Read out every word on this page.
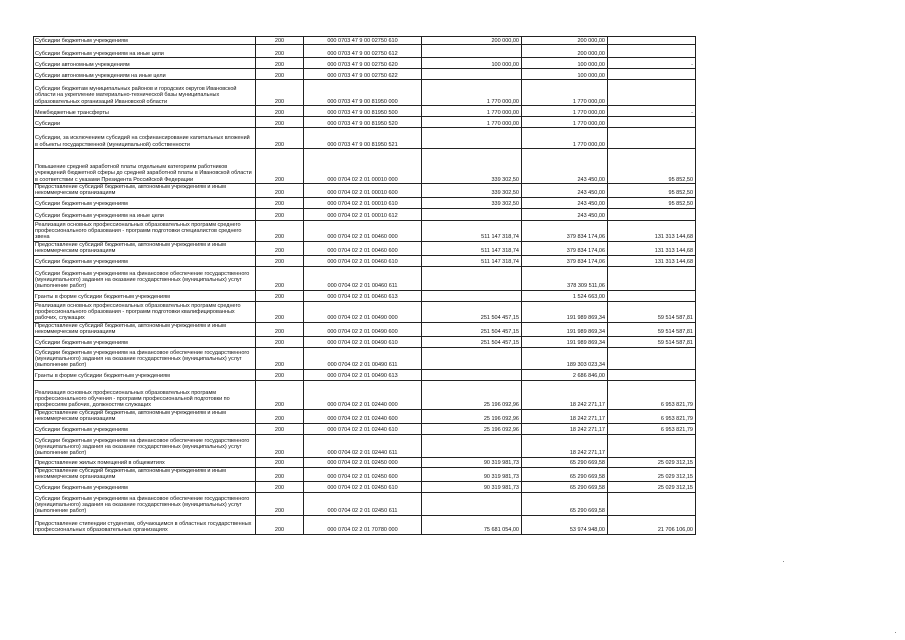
Субсидии бюджетным учреждениям	200	000 0703 47 9 00 02750 610	200 000,00	200 000,00	
Субсидии бюджетным учреждениям на иные цели	200	000 0703 47 9 00 02750 612		200 000,00	
Субсидии автономным учреждениям	200	000 0703 47 9 00 02750 620	100 000,00	100 000,00	-
Субсидии автономным учреждениям на иные цели	200	000 0703 47 9 00 02750 622		100 000,00	
Субсидии бюджетам муниципальных районов и городских округов Ивановской области на укрепление материально-технической базы муниципальных образовательных организаций Ивановской области	200	000 0703 47 9 00 81950 000	1 770 000,00	1 770 000,00	
Межбюджетные трансферты	200	000 0703 47 9 00 81950 500	1 770 000,00	1 770 000,00	-
Субсидии	200	000 0703 47 9 00 81950 520	1 770 000,00	1 770 000,00	
Субсидии, за исключением субсидий на софинансирование капитальных вложений в объекты государственной (муниципальной) собственности	200	000 0703 47 9 00 81950 521		1 770 000,00	
Повышение средней заработной платы отдельным категориям работников учреждений бюджетной сферы до средней заработной платы в Ивановской области в соответствии с указами Президента Российской Федерации	200	000 0704 02 2 01 00010 000	339 302,50	243 450,00	95 852,50
Предоставление субсидий бюджетным, автономным учреждениям и иным некоммерческим организациям	200	000 0704 02 2 01 00010 600	339 302,50	243 450,00	95 852,50
Субсидии бюджетным учреждениям	200	000 0704 02 2 01 00010 610	339 302,50	243 450,00	95 852,50
Субсидии бюджетным учреждениям на иные цели	200	000 0704 02 2 01 00010 612		243 450,00	
Реализация основных профессиональных образовательных программ среднего профессионального образования - программ подготовки специалистов среднего звена	200	000 0704 02 2 01 00460 000	511 147 318,74	379 834 174,06	131 313 144,68
Предоставление субсидий бюджетным, автономным учреждениям и иным некоммерческим организациям	200	000 0704 02 2 01 00460 600	511 147 318,74	379 834 174,06	131 313 144,68
Субсидии бюджетным учреждениям	200	000 0704 02 2 01 00460 610	511 147 318,74	379 834 174,06	131 313 144,68
Субсидии бюджетным учреждениям на финансовое обеспечение государственного (муниципального) задания на оказание государственных (муниципальных) услуг (выполнение работ)	200	000 0704 02 2 01 00460 611		378 309 511,06	
Гранты в форме субсидии бюджетным учреждениям	200	000 0704 02 2 01 00460 613		1 524 663,00	
Реализация основных профессиональных образовательных программ среднего профессионального образования - программ подготовки квалифицированных рабочих, служащих	200	000 0704 02 2 01 00490 000	251 504 457,15	191 989 869,34	59 514 587,81
Предоставление субсидий бюджетным, автономным учреждениям и иным некоммерческим организациям	200	000 0704 02 2 01 00490 600	251 504 457,15	191 989 869,34	59 514 587,81
Субсидии бюджетным учреждениям	200	000 0704 02 2 01 00490 610	251 504 457,15	191 989 869,34	59 514 587,81
Субсидии бюджетным учреждениям на финансовое обеспечение государственного (муниципального) задания на оказание государственных (муниципальных) услуг (выполнение работ)	200	000 0704 02 2 01 00490 611		189 303 023,34	
Гранты в форме субсидии бюджетным учреждениям	200	000 0704 02 2 01 00490 613		2 686 846,00	
Реализация основных профессиональных образовательных программ профессионального обучения - программ профессиональной подготовки по профессиям рабочих, должностям служащих	200	000 0704 02 2 01 02440 000	25 196 092,96	18 242 271,17	6 953 821,79
Предоставление субсидий бюджетным, автономным учреждениям и иным некоммерческим организациям	200	000 0704 02 2 01 02440 600	25 196 092,96	18 242 271,17	6 953 821,79
Субсидии бюджетным учреждениям	200	000 0704 02 2 01 02440 610	25 196 092,96	18 242 271,17	6 953 821,79
Субсидии бюджетным учреждениям на финансовое обеспечение государственного (муниципального) задания на оказание государственных (муниципальных) услуг (выполнение работ)	200	000 0704 02 2 01 02440 611		18 242 271,17	
Предоставление жилых помещений в общежитиях	200	000 0704 02 2 01 02450 000	90 319 981,73	65 290 669,58	25 029 312,15
Предоставление субсидий бюджетным, автономным учреждениям и иным некоммерческим организациям	200	000 0704 02 2 01 02450 600	90 319 981,73	65 290 669,58	25 029 312,15
Субсидии бюджетным учреждениям	200	000 0704 02 2 01 02450 610	90 319 981,73	65 290 669,58	25 029 312,15
Субсидии бюджетным учреждениям на финансовое обеспечение государственного (муниципального) задания на оказание государственных (муниципальных) услуг (выполнение работ)	200	000 0704 02 2 01 02450 611		65 290 669,58	
Предоставление стипендии студентам, обучающимся в областных государственных профессиональных образовательных организациях	200	000 0704 02 2 01 70780 000	75 681 054,00	53 974 948,00	21 706 106,00
·
·
